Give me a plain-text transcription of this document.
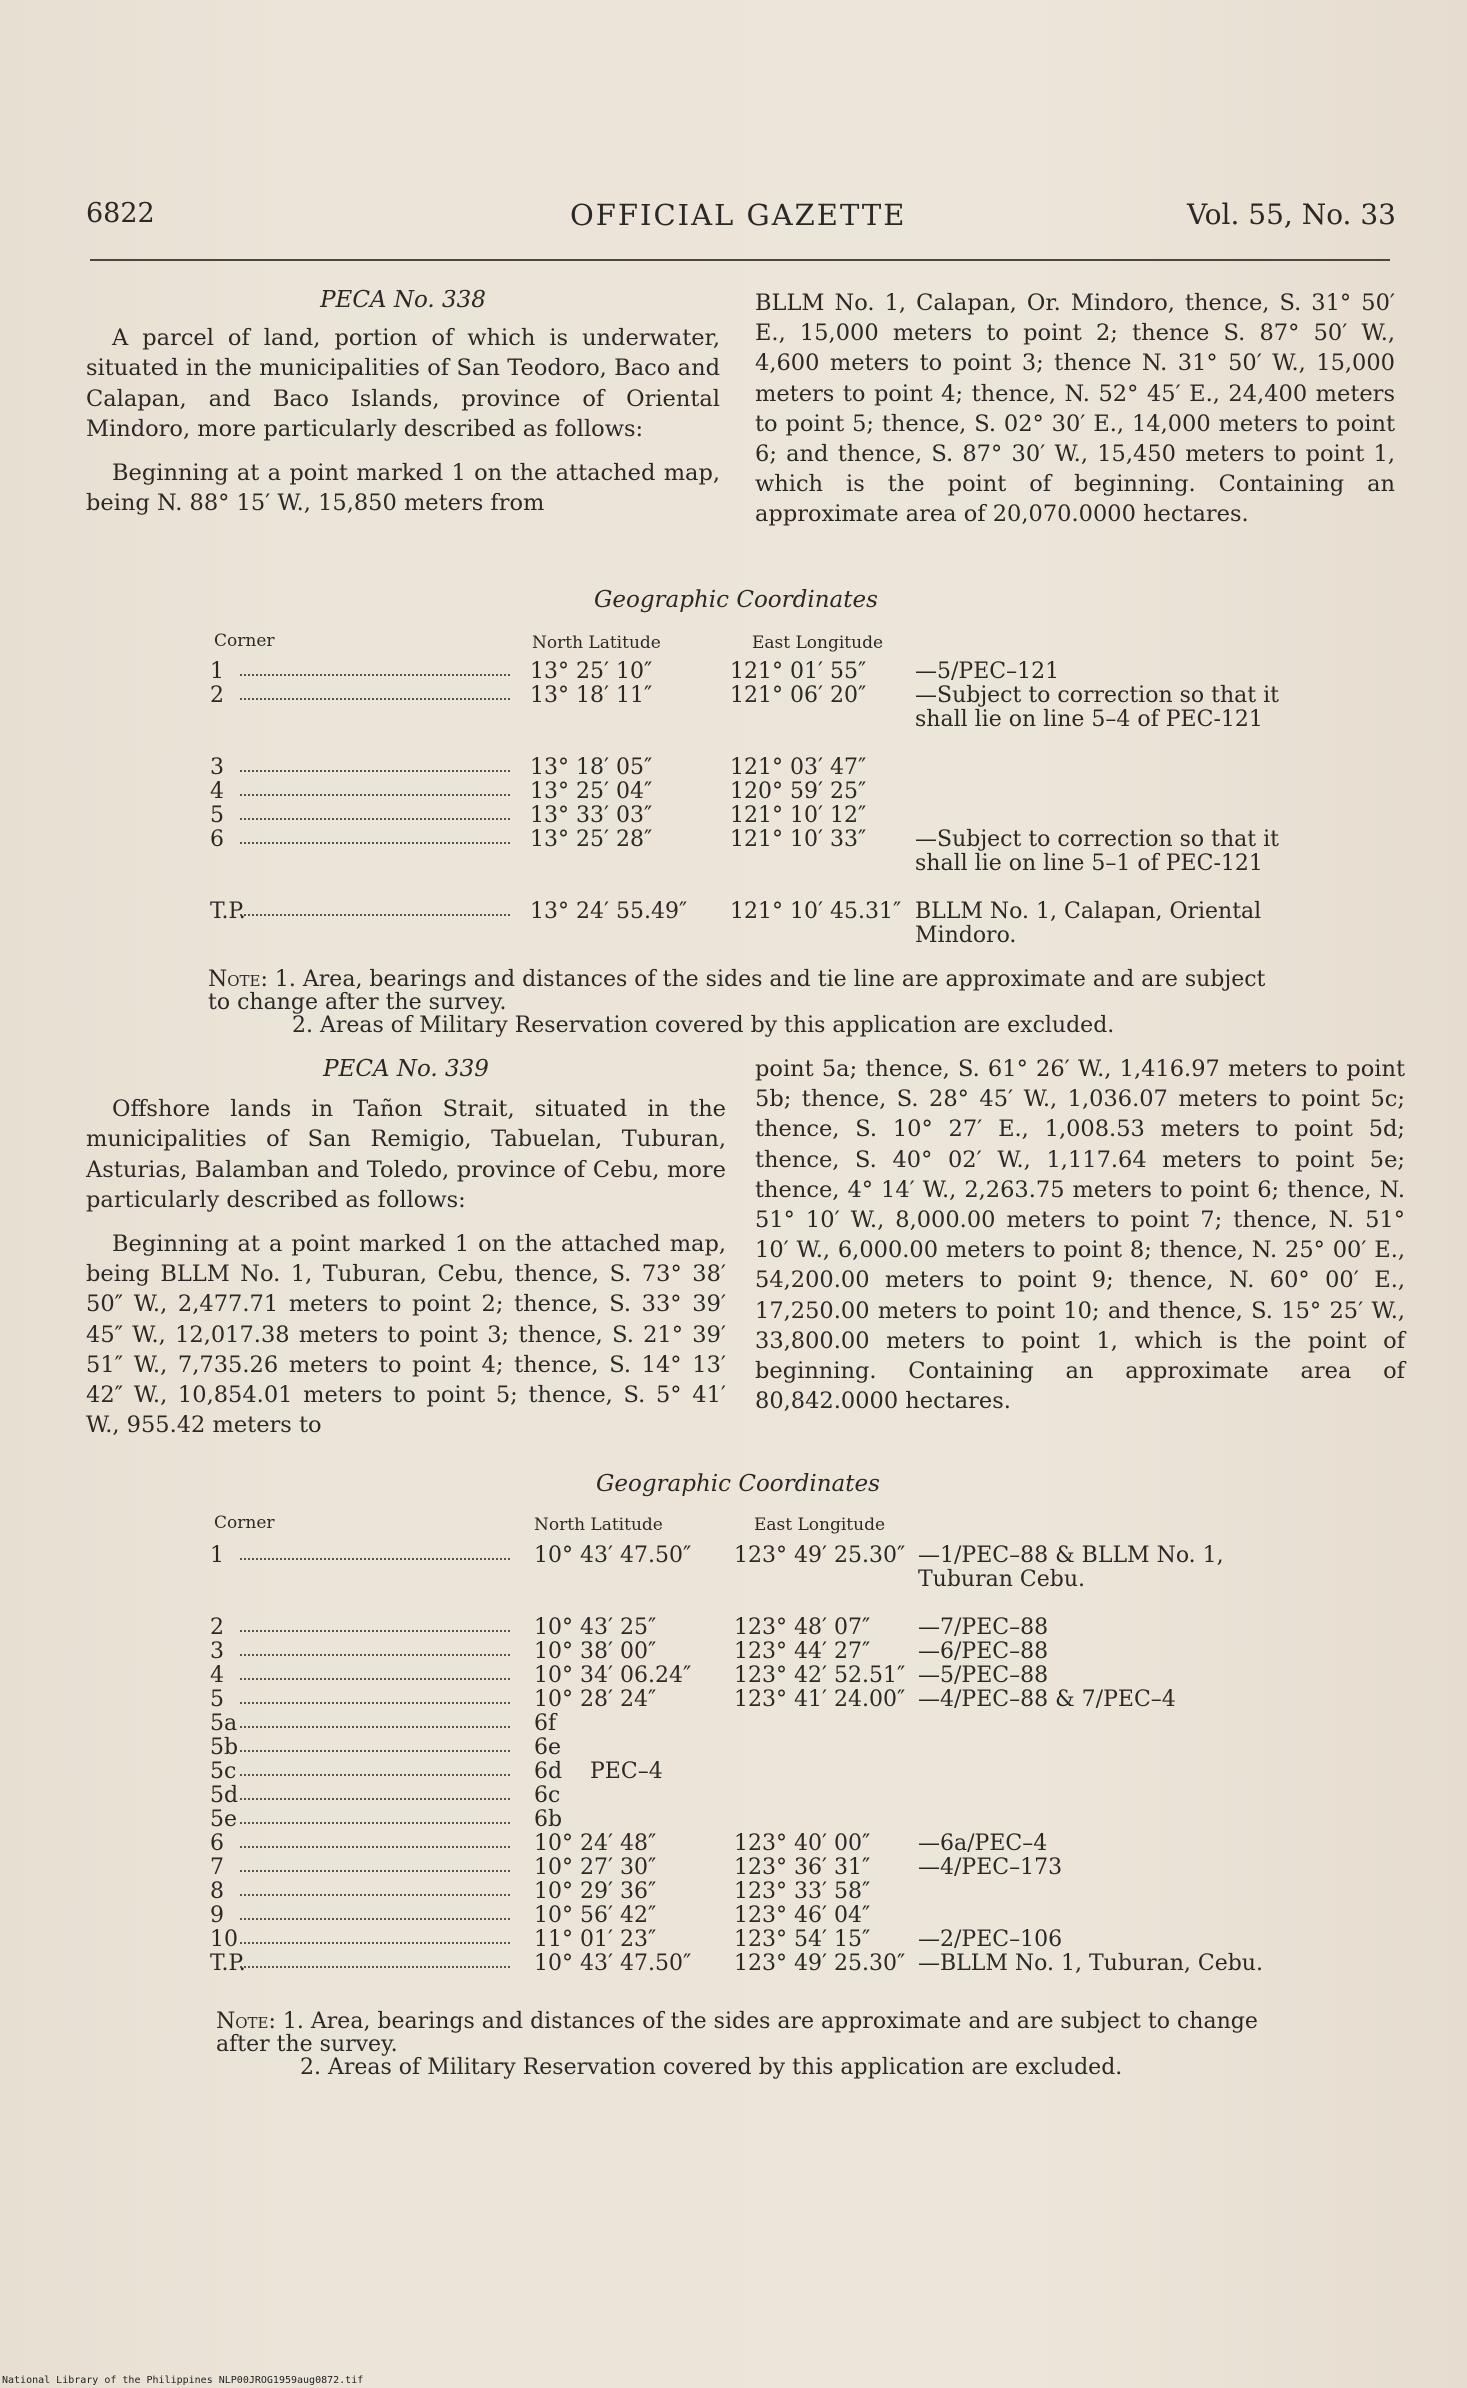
6822	OFFICIAL GAZETTE	Vol. 55, No. 33

PECA No. 338

A parcel of land, portion of which is underwater, situated in the municipalities of San Teodoro, Baco and Calapan, and Baco Islands, province of Oriental Mindoro, more particularly described as follows:

Beginning at a point marked 1 on the attached map, being N. 88° 15′ W., 15,850 meters from

BLLM No. 1, Calapan, Or. Mindoro, thence, S. 31° 50′ E., 15,000 meters to point 2; thence S. 87° 50′ W., 4,600 meters to point 3; thence N. 31° 50′ W., 15,000 meters to point 4; thence, N. 52° 45′ E., 24,400 meters to point 5; thence, S. 02° 30′ E., 14,000 meters to point 6; and thence, S. 87° 30′ W., 15,450 meters to point 1, which is the point of beginning. Containing an approximate area of 20,070.0000 hectares.

Geographic Coordinates
Corner	North Latitude	East Longitude
1	13° 25′ 10″	121° 01′ 55″ —5/PEC–121
2	13° 18′ 11″	121° 06′ 20″ —Subject to correction so that it shall lie on line 5–4 of PEC-121
3	13° 18′ 05″	121° 03′ 47″
4	13° 25′ 04″	120° 59′ 25″
5	13° 33′ 03″	121° 10′ 12″
6	13° 25′ 28″	121° 10′ 33″ —Subject to correction so that it shall lie on line 5–1 of PEC-121
T.P.	13° 24′ 55.49″ 121° 10′ 45.31″ BLLM No. 1, Calapan, Oriental Mindoro.
Note: 1. Area, bearings and distances of the sides and tie line are approximate and are subject to change after the survey.
2. Areas of Military Reservation covered by this application are excluded.

PECA No. 339

Offshore lands in Tañon Strait, situated in the municipalities of San Remigio, Tabuelan, Tuburan, Asturias, Balamban and Toledo, province of Cebu, more particularly described as follows:

Beginning at a point marked 1 on the attached map, being BLLM No. 1, Tuburan, Cebu, thence, S. 73° 38′ 50″ W., 2,477.71 meters to point 2; thence, S. 33° 39′ 45″ W., 12,017.38 meters to point 3; thence, S. 21° 39′ 51″ W., 7,735.26 meters to point 4; thence, S. 14° 13′ 42″ W., 10,854.01 meters to point 5; thence, S. 5° 41′ W., 955.42 meters to

point 5a; thence, S. 61° 26′ W., 1,416.97 meters to point 5b; thence, S. 28° 45′ W., 1,036.07 meters to point 5c; thence, S. 10° 27′ E., 1,008.53 meters to point 5d; thence, S. 40° 02′ W., 1,117.64 meters to point 5e; thence, 4° 14′ W., 2,263.75 meters to point 6; thence, N. 51° 10′ W., 8,000.00 meters to point 7; thence, N. 51° 10′ W., 6,000.00 meters to point 8; thence, N. 25° 00′ E., 54,200.00 meters to point 9; thence, N. 60° 00′ E., 17,250.00 meters to point 10; and thence, S. 15° 25′ W., 33,800.00 meters to point 1, which is the point of beginning. Containing an approximate area of 80,842.0000 hectares.

Geographic Coordinates
Corner	North Latitude	East Longitude
1	10° 43′ 47.50″ 123° 49′ 25.30″ —1/PEC–88 & BLLM No. 1, Tuburan Cebu.
2	10° 43′ 25″	123° 48′ 07″ —7/PEC–88
3	10° 38′ 00″	123° 44′ 27″ —6/PEC–88
4	10° 34′ 06.24″ 123° 42′ 52.51″ —5/PEC–88
5	10° 28′ 24″	123° 41′ 24.00″ —4/PEC–88 & 7/PEC–4
5a	6f
5b	6e
5c	6d PEC–4
5d	6c
5e	6b
6	10° 24′ 48″	123° 40′ 00″ —6a/PEC–4
7	10° 27′ 30″	123° 36′ 31″ —4/PEC–173
8	10° 29′ 36″	123° 33′ 58″
9	10° 56′ 42″	123° 46′ 04″
10	11° 01′ 23″	123° 54′ 15″ —2/PEC–106
T.P.	10° 43′ 47.50″ 123° 49′ 25.30″ —BLLM No. 1, Tuburan, Cebu.
Note: 1. Area, bearings and distances of the sides are approximate and are subject to change after the survey.
2. Areas of Military Reservation covered by this application are excluded.
National Library of the Philippines NLP00JROG1959aug0872.tif
